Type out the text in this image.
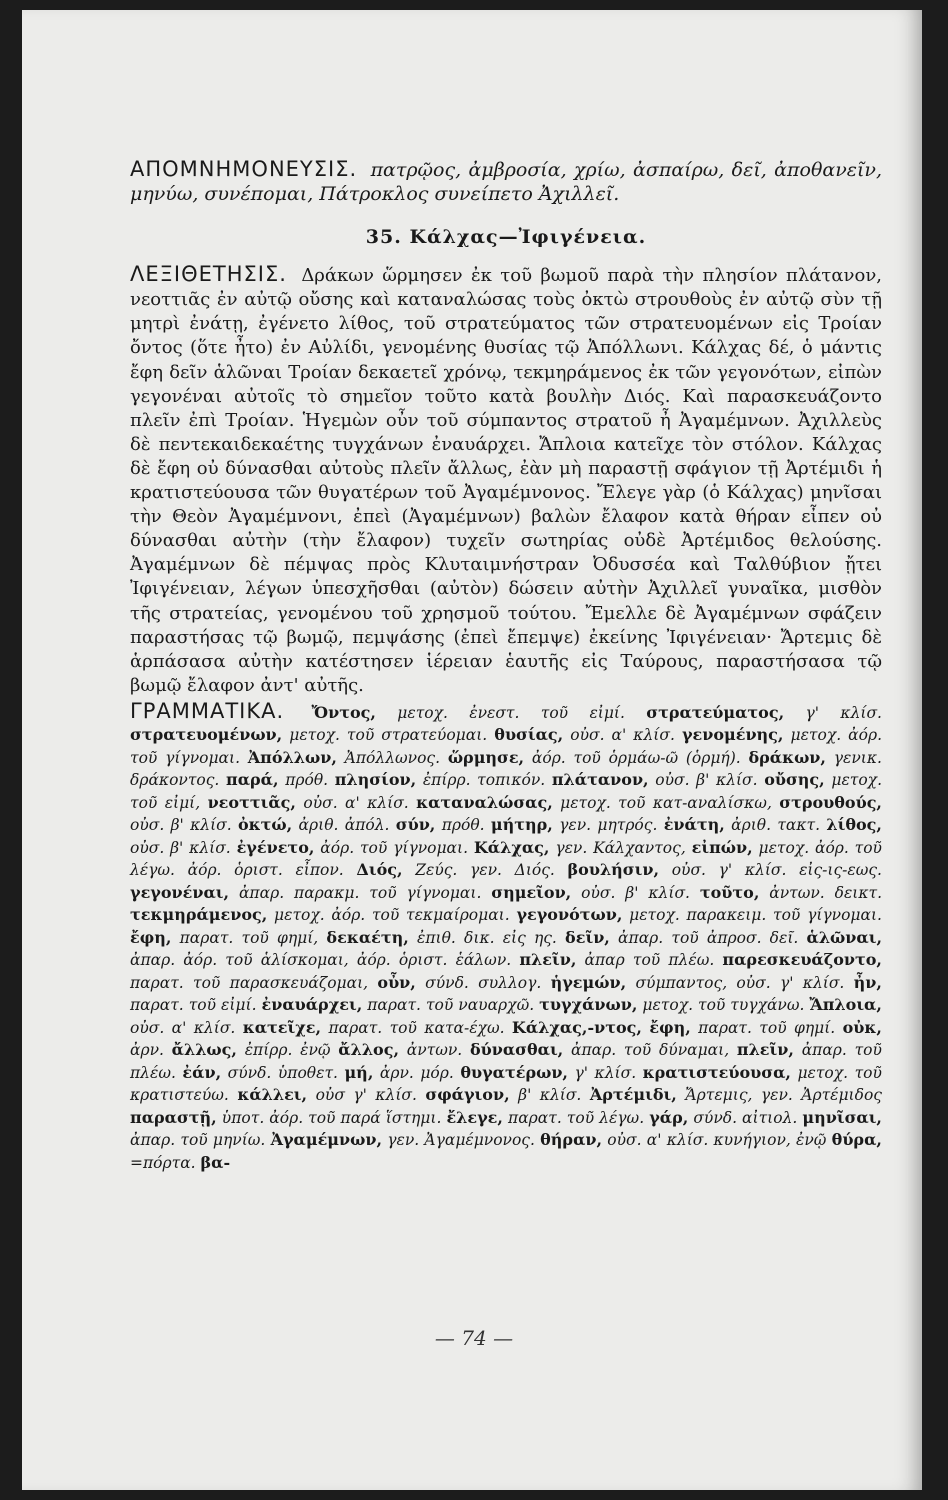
ΑΠΟΜΝΗΜΟΝΕΥΣΙΣ. πατρῷος, ἀμβροσία, χρίω, ἀσπαίρω, δεῖ, ἀποθανεῖν, μηνύω, συνέπομαι, Πάτροκλος συνείπετο Ἀχιλλεῖ.

35. Κάλχας—Ἰφιγένεια.

ΛΕΞΙΘΕΤΗΣΙΣ. Δράκων ὥρμησεν ἐκ τοῦ βωμοῦ παρὰ τὴν πλησίον πλάτανον, νεοττιᾶς ἐν αὐτῷ οὔσης καὶ καταναλώσας τοὺς ὀκτὼ στρουθοὺς ἐν αὐτῷ σὺν τῇ μητρὶ ἐνάτῃ, ἐγένετο λίθος, τοῦ στρατεύματος τῶν στρατευομένων εἰς Τροίαν ὄντος (ὅτε ἦτο) ἐν Αὐλίδι, γενομένης θυσίας τῷ Ἀπόλλωνι. Κάλχας δέ, ὁ μάντις ἔφη δεῖν ἁλῶναι Τροίαν δεκαετεῖ χρόνῳ, τεκμηράμενος ἐκ τῶν γεγονότων, εἰπὼν γεγονέναι αὐτοῖς τὸ σημεῖον τοῦτο κατὰ βουλὴν Διός. Καὶ παρασκευάζοντο πλεῖν ἐπὶ Τροίαν. Ἡγεμὼν οὖν τοῦ σύμπαντος στρατοῦ ἦ Ἀγαμέμνων. Ἀχιλλεὺς δὲ πεντεκαιδεκαέτης τυγχάνων ἐναυάρχει. Ἄπλοια κατεῖχε τὸν στόλον. Κάλχας δὲ ἔφη οὐ δύνασθαι αὐτοὺς πλεῖν ἄλλως, ἐὰν μὴ παραστῇ σφάγιον τῇ Ἀρτέμιδι ἡ κρατιστεύουσα τῶν θυγατέρων τοῦ Ἀγαμέμνονος. Ἔλεγε γὰρ (ὁ Κάλχας) μηνῖσαι τὴν Θεὸν Ἀγαμέμνονι, ἐπεὶ (Ἀγαμέμνων) βαλὼν ἔλαφον κατὰ θήραν εἶπεν οὐ δύνασθαι αὐτὴν (τὴν ἔλαφον) τυχεῖν σωτηρίας οὐδὲ Ἀρτέμιδος θελούσης. Ἀγαμέμνων δὲ πέμψας πρὸς Κλυταιμνήστραν Ὀδυσσέα καὶ Ταλθύβιον ᾔτει Ἰφιγένειαν, λέγων ὑπεσχῆσθαι (αὐτὸν) δώσειν αὐτὴν Ἀχιλλεῖ γυναῖκα, μισθὸν τῆς στρατείας, γενομένου τοῦ χρησμοῦ τούτου. Ἔμελλε δὲ Ἀγαμέμνων σφάζειν παραστήσας τῷ βωμῷ, πεμψάσης (ἐπεὶ ἔπεμψε) ἐκείνης Ἰφιγένειαν· Ἄρτεμις δὲ ἁρπάσασα αὐτὴν κατέστησεν ἱέρειαν ἑαυτῆς εἰς Ταύρους, παραστήσασα τῷ βωμῷ ἔλαφον ἀντ' αὐτῆς.

ΓΡΑΜΜΑΤΙΚΑ. Ὄντος, μετοχ. ἐνεστ. τοῦ εἰμί. στρατεύματος, γ' κλίσ. στρατευομένων, μετοχ. τοῦ στρατεύομαι. θυσίας, οὐσ. α' κλίσ. γενομένης, μετοχ. ἀόρ. τοῦ γίγνομαι. Ἀπόλλων, Ἀπόλλωνος. ὥρμησε, ἀόρ. τοῦ ὁρμάω-ῶ (ὁρμή). δράκων, γενικ. δράκοντος. παρά, πρόθ. πλησίον, ἐπίρρ. τοπικόν. πλάτανον, οὐσ. β' κλίσ. οὔσης, μετοχ. τοῦ εἰμί, νεοττιᾶς, οὐσ. α' κλίσ. καταναλώσας, μετοχ. τοῦ κατ-αναλίσκω, στρουθούς, οὐσ. β' κλίσ. ὀκτώ, ἀριθ. ἀπόλ. σύν, πρόθ. μήτηρ, γεν. μητρός. ἐνάτη, ἀριθ. τακτ. λίθος, οὐσ. β' κλίσ. ἐγένετο, ἀόρ. τοῦ γίγνομαι. Κάλχας, γεν. Κάλχαντος, εἰπών, μετοχ. ἀόρ. τοῦ λέγω. ἀόρ. ὁριστ. εἶπον. Διός, Ζεύς. γεν. Διός. βουλήσιν, οὐσ. γ' κλίσ. εἰς-ις-εως. γεγονέναι, ἀπαρ. παρακμ. τοῦ γίγνομαι. σημεῖον, οὐσ. β' κλίσ. τοῦτο, ἀντων. δεικτ. τεκμηράμενος, μετοχ. ἀόρ. τοῦ τεκμαίρομαι. γεγονότων, μετοχ. παρακειμ. τοῦ γίγνομαι. ἔφη, παρατ. τοῦ φημί, δεκαέτη, ἐπιθ. δικ. εἰς ης. δεῖν, ἀπαρ. τοῦ ἀπροσ. δεῖ. ἁλῶναι, ἀπαρ. ἀόρ. τοῦ ἁλίσκομαι, ἀόρ. ὁριστ. ἑάλων. πλεῖν, ἀπαρ τοῦ πλέω. παρεσκευάζοντο, παρατ. τοῦ παρασκευάζομαι, οὖν, σύνδ. συλλογ. ἡγεμών, σύμπαντος, οὐσ. γ' κλίσ. ἦν, παρατ. τοῦ εἰμί. ἐναυάρχει, παρατ. τοῦ ναυαρχῶ. τυγχάνων, μετοχ. τοῦ τυγχάνω. Ἄπλοια, οὐσ. α' κλίσ. κατεῖχε, παρατ. τοῦ κατα-έχω. Κάλχας,-ντος, ἔφη, παρατ. τοῦ φημί. οὐκ, ἀρν. ἄλλως, ἐπίρρ. ἐνῷ ἄλλος, ἀντων. δύνασθαι, ἀπαρ. τοῦ δύναμαι, πλεῖν, ἀπαρ. τοῦ πλέω. ἐάν, σύνδ. ὑποθετ. μή, ἀρν. μόρ. θυγατέρων, γ' κλίσ. κρατιστεύουσα, μετοχ. τοῦ κρατιστεύω. κάλλει, οὐσ γ' κλίσ. σφάγιον, β' κλίσ. Ἀρτέμιδι, Ἄρτεμις, γεν. Ἀρτέμιδος παραστῇ, ὑποτ. ἀόρ. τοῦ παρά ἵστημι. ἔλεγε, παρατ. τοῦ λέγω. γάρ, σύνδ. αἰτιολ. μηνῖσαι, ἀπαρ. τοῦ μηνίω. Ἀγαμέμνων, γεν. Ἀγαμέμνονος. θήραν, οὐσ. α' κλίσ. κυνήγιον, ἐνῷ θύρα, =πόρτα. βα-

— 74 —
